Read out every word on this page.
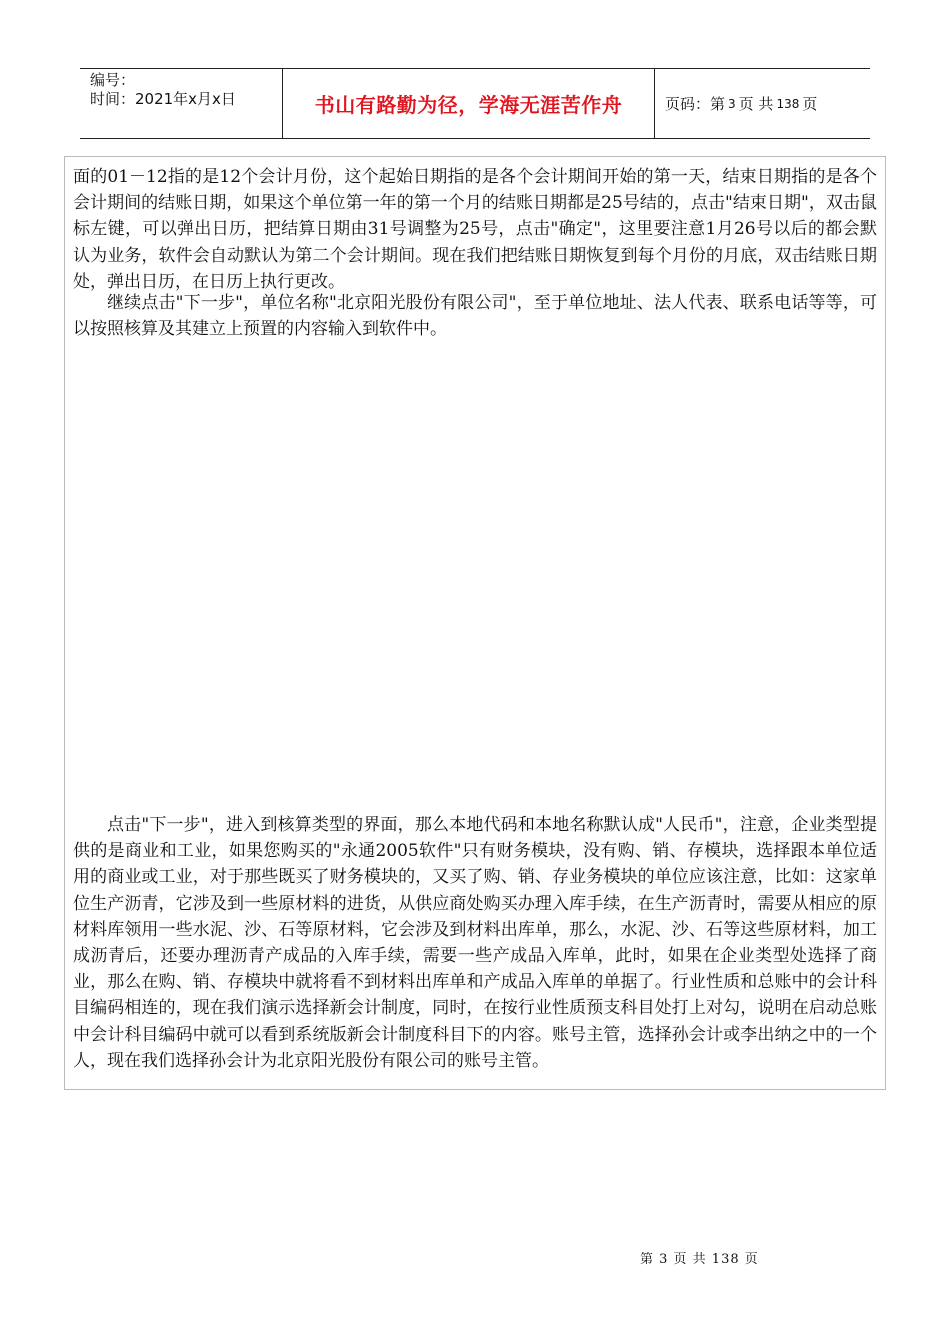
编号：
时间：2021年x月x日	书山有路勤为径，学海无涯苦作舟	页码：第 3 页 共 138 页

面的01－12指的是12个会计月份，这个起始日期指的是各个会计期间开始的第一天，结束日期指的是各个会计期间的结账日期，如果这个单位第一年的第一个月的结账日期都是25号结的，点击"结束日期"，双击鼠标左键，可以弹出日历，把结算日期由31号调整为25号，点击"确定"，这里要注意1月26号以后的都会默认为业务，软件会自动默认为第二个会计期间。现在我们把结账日期恢复到每个月份的月底，双击结账日期处，弹出日历，在日历上执行更改。

继续点击"下一步"，单位名称"北京阳光股份有限公司"，至于单位地址、法人代表、联系电话等等，可以按照核算及其建立上预置的内容输入到软件中。

点击"下一步"，进入到核算类型的界面，那么本地代码和本地名称默认成"人民币"，注意，企业类型提供的是商业和工业，如果您购买的"永通2005软件"只有财务模块，没有购、销、存模块，选择跟本单位适用的商业或工业，对于那些既买了财务模块的，又买了购、销、存业务模块的单位应该注意，比如：这家单位生产沥青，它涉及到一些原材料的进货，从供应商处购买办理入库手续，在生产沥青时，需要从相应的原材料库领用一些水泥、沙、石等原材料，它会涉及到材料出库单，那么，水泥、沙、石等这些原材料，加工成沥青后，还要办理沥青产成品的入库手续，需要一些产成品入库单，此时，如果在企业类型处选择了商业，那么在购、销、存模块中就将看不到材料出库单和产成品入库单的单据了。行业性质和总账中的会计科目编码相连的，现在我们演示选择新会计制度，同时，在按行业性质预支科目处打上对勾，说明在启动总账中会计科目编码中就可以看到系统版新会计制度科目下的内容。账号主管，选择孙会计或李出纳之中的一个人，现在我们选择孙会计为北京阳光股份有限公司的账号主管。

第 3 页 共 138 页
